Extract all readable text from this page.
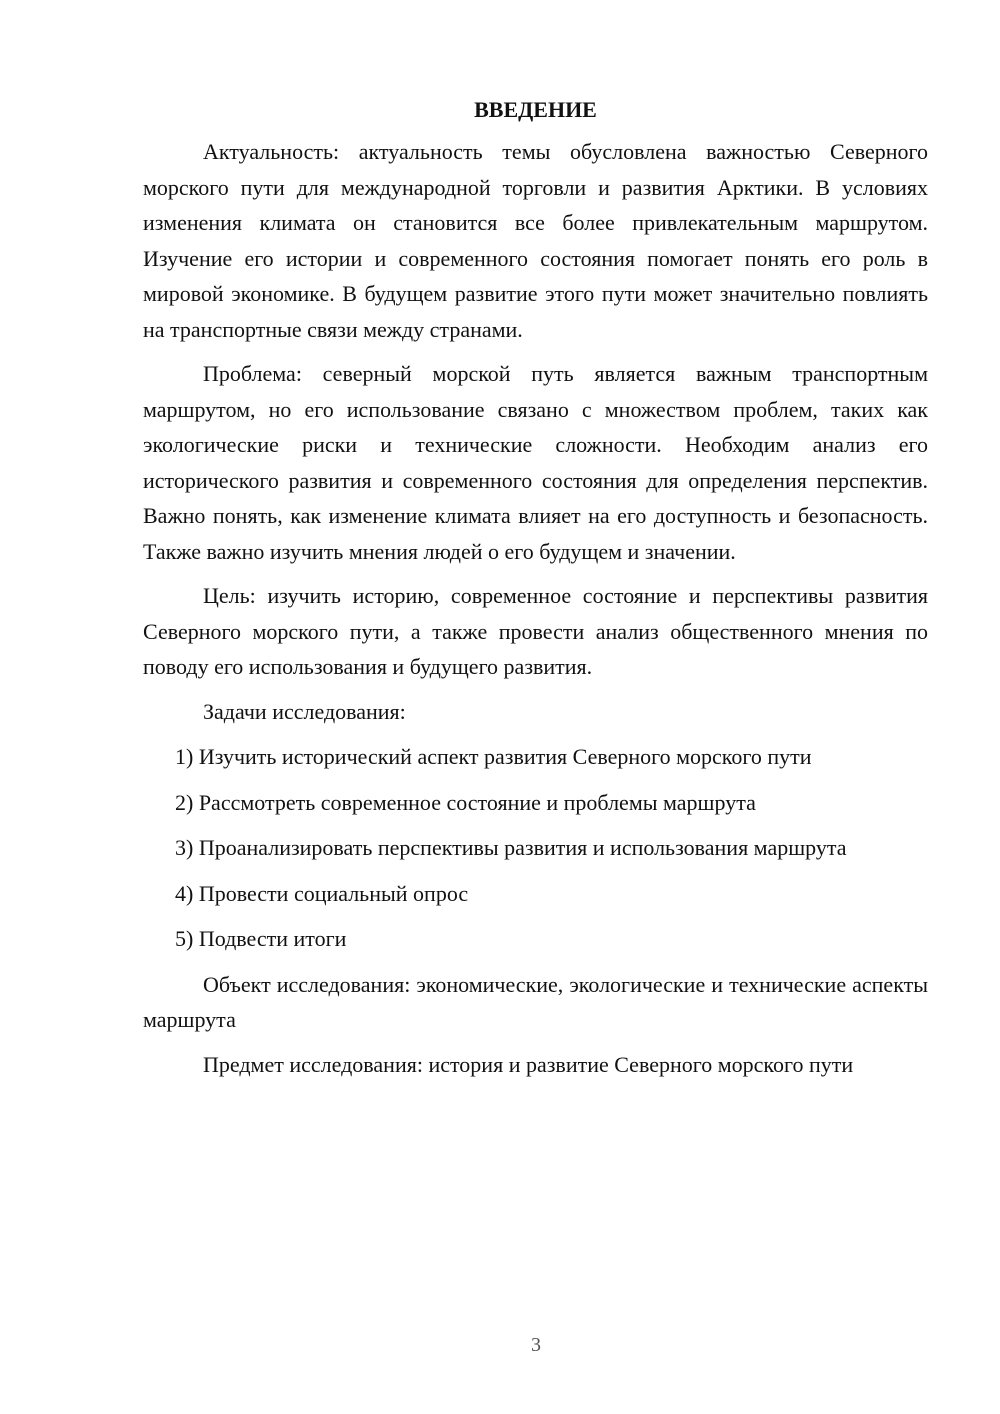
ВВЕДЕНИЕ

Актуальность: актуальность темы обусловлена важностью Северного морского пути для международной торговли и развития Арктики. В условиях изменения климата он становится все более привлекательным маршрутом. Изучение его истории и современного состояния помогает понять его роль в мировой экономике. В будущем развитие этого пути может значительно повлиять на транспортные связи между странами.

Проблема: северный морской путь является важным транспортным маршрутом, но его использование связано с множеством проблем, таких как экологические риски и технические сложности. Необходим анализ его исторического развития и современного состояния для определения перспектив. Важно понять, как изменение климата влияет на его доступность и безопасность. Также важно изучить мнения людей о его будущем и значении.

Цель: изучить историю, современное состояние и перспективы развития Северного морского пути, а также провести анализ общественного мнения по поводу его использования и будущего развития.

Задачи исследования:

1) Изучить исторический аспект развития Северного морского пути

2) Рассмотреть современное состояние и проблемы маршрута

3) Проанализировать перспективы развития и использования маршрута

4) Провести социальный опрос

5) Подвести итоги

Объект исследования: экономические, экологические и технические аспекты маршрута

Предмет исследования: история и развитие Северного морского пути

3
